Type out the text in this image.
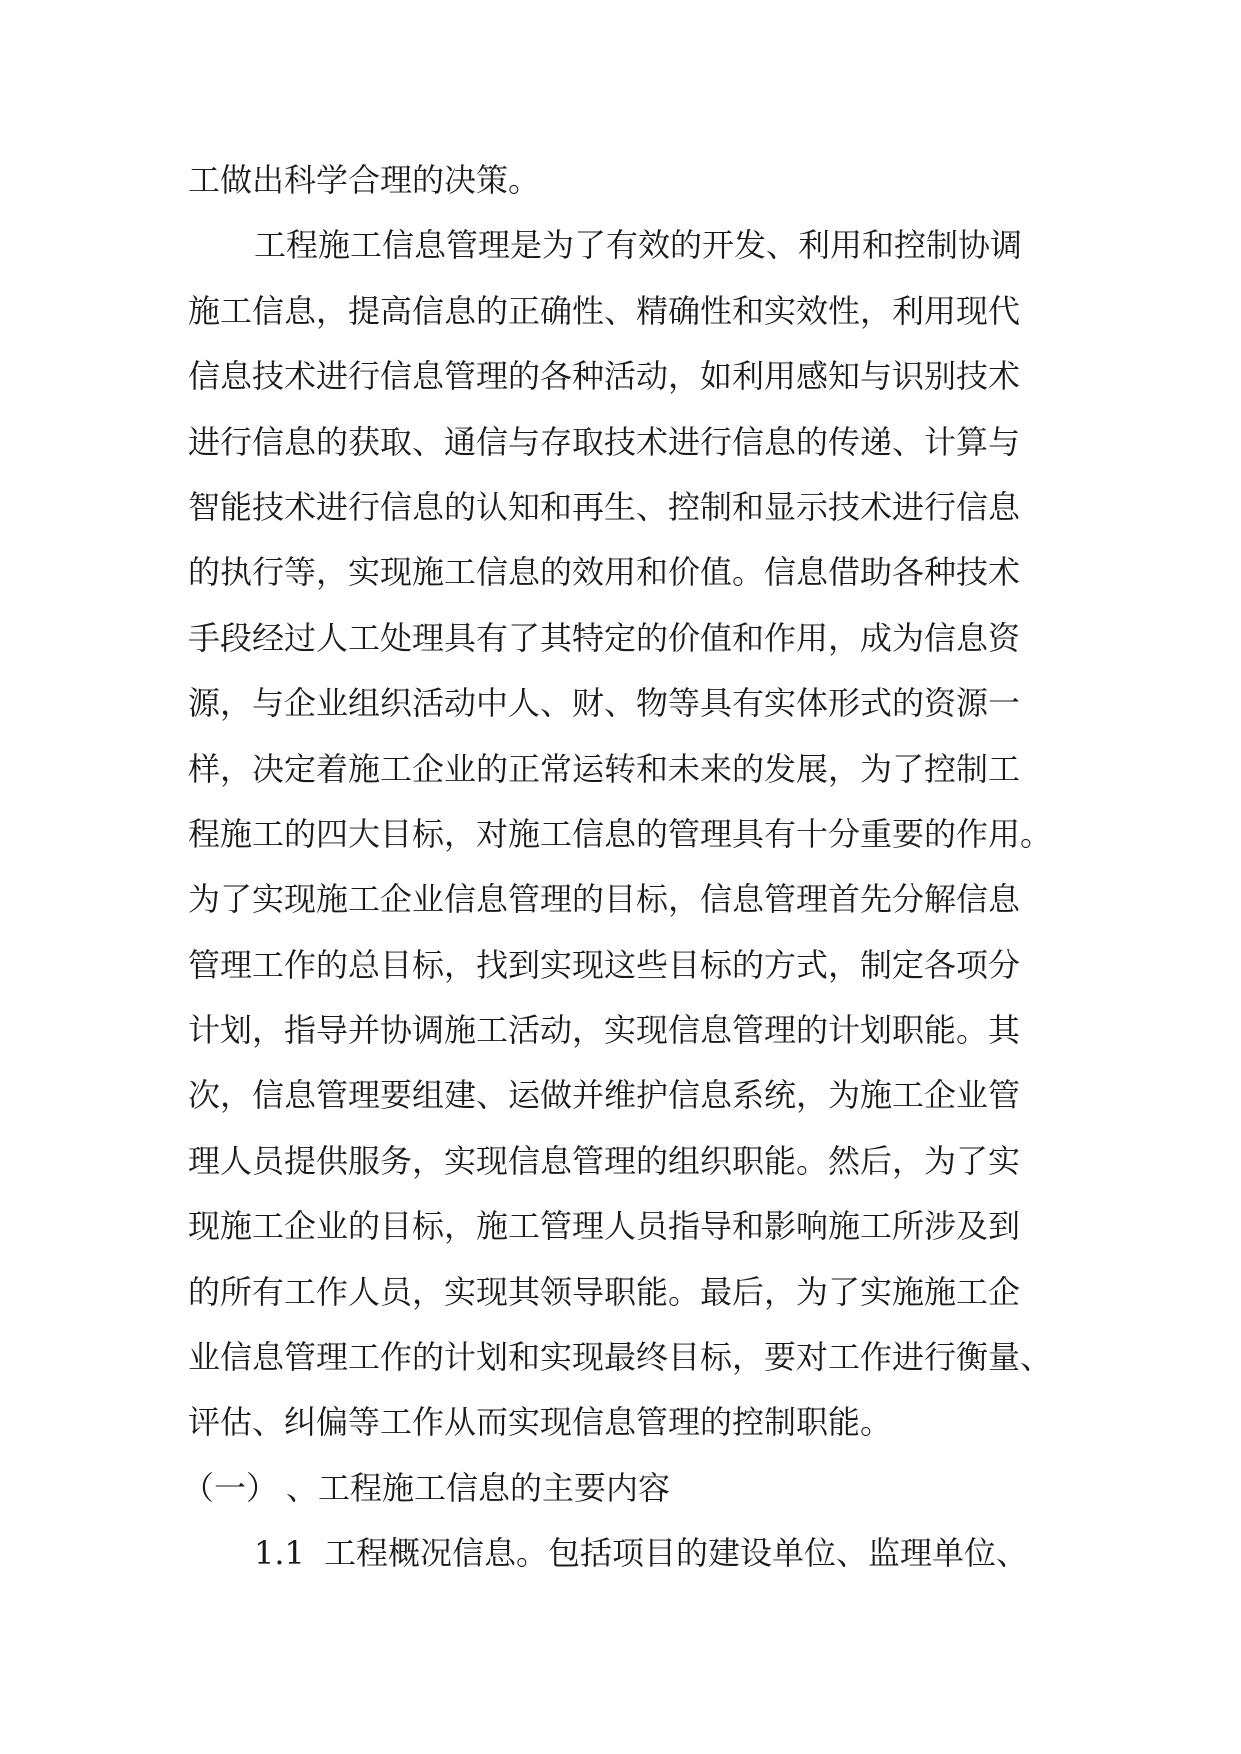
工做出科学合理的决策。
工程施工信息管理是为了有效的开发、利用和控制协调
施工信息，提高信息的正确性、精确性和实效性，利用现代
信息技术进行信息管理的各种活动，如利用感知与识别技术
进行信息的获取、通信与存取技术进行信息的传递、计算与
智能技术进行信息的认知和再生、控制和显示技术进行信息
的执行等，实现施工信息的效用和价值。信息借助各种技术
手段经过人工处理具有了其特定的价值和作用，成为信息资
源，与企业组织活动中人、财、物等具有实体形式的资源一
样，决定着施工企业的正常运转和未来的发展，为了控制工
程施工的四大目标，对施工信息的管理具有十分重要的作用。
为了实现施工企业信息管理的目标，信息管理首先分解信息
管理工作的总目标，找到实现这些目标的方式，制定各项分
计划，指导并协调施工活动，实现信息管理的计划职能。其
次，信息管理要组建、运做并维护信息系统，为施工企业管
理人员提供服务，实现信息管理的组织职能。然后，为了实
现施工企业的目标，施工管理人员指导和影响施工所涉及到
的所有工作人员，实现其领导职能。最后，为了实施施工企
业信息管理工作的计划和实现最终目标，要对工作进行衡量、
评估、纠偏等工作从而实现信息管理的控制职能。
（一） 、工程施工信息的主要内容
1.1 工程概况信息。包括项目的建设单位、监理单位、
